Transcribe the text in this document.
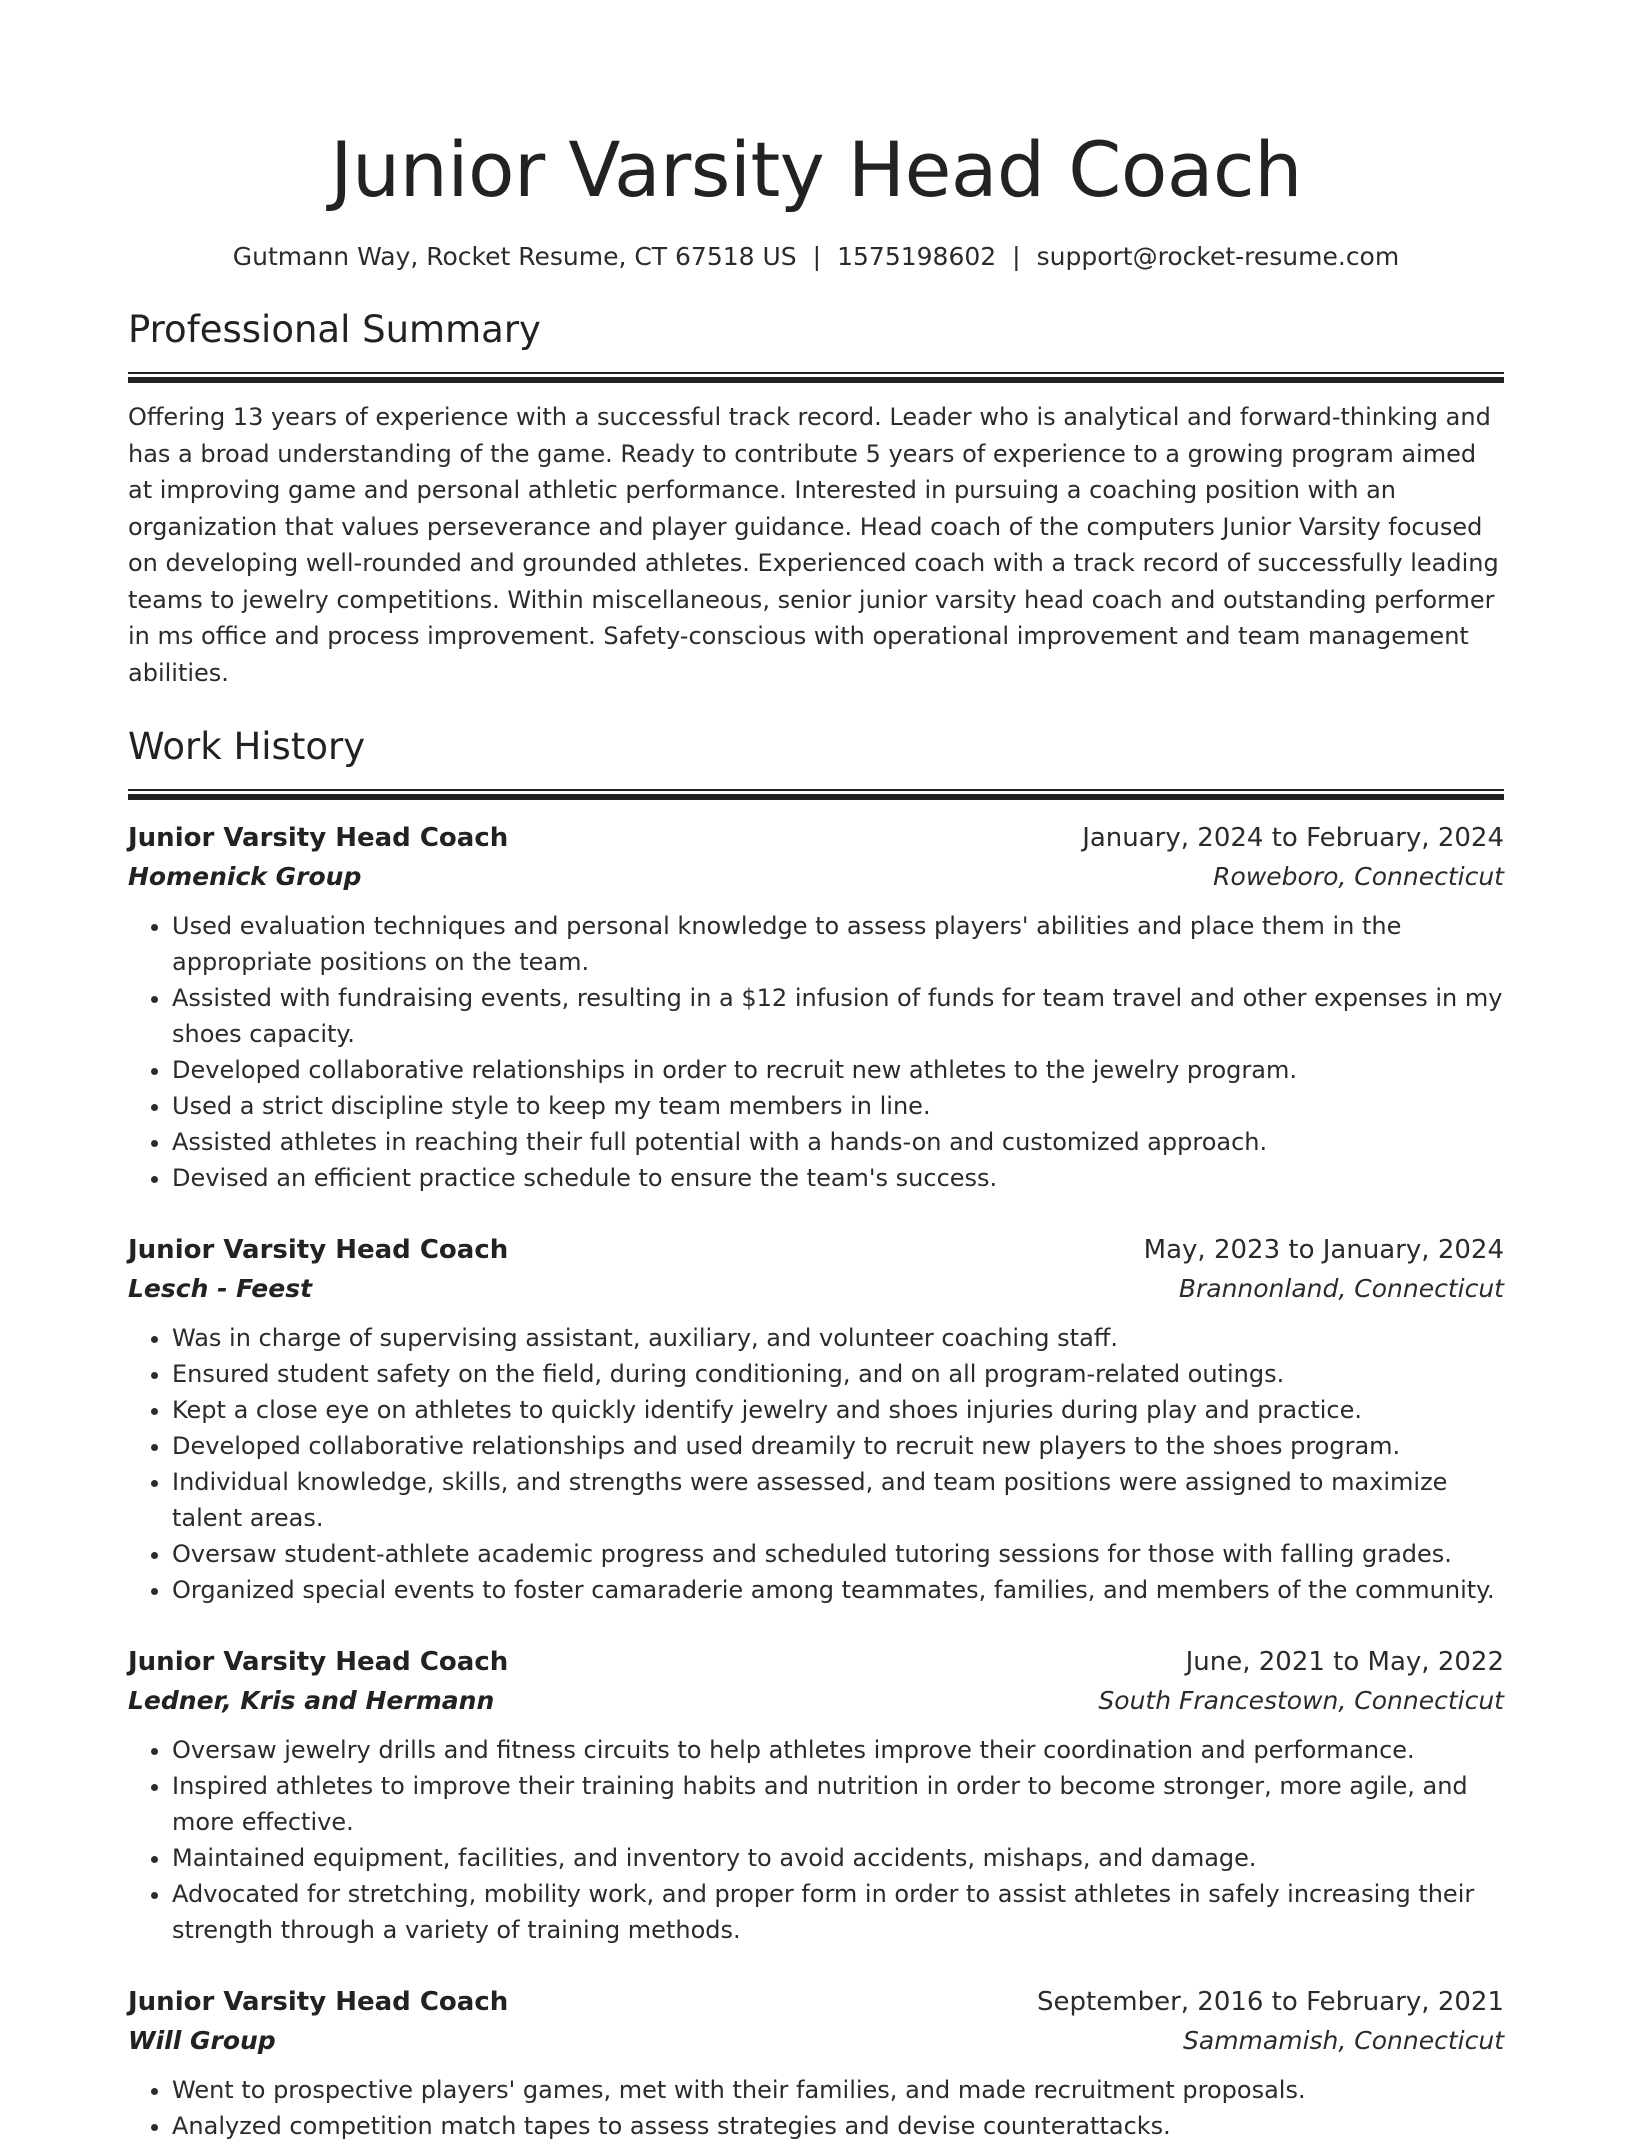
Junior Varsity Head Coach
Gutmann Way, Rocket Resume, CT 67518 US | 1575198602 | support@rocket-resume.com
Professional Summary
Offering 13 years of experience with a successful track record. Leader who is analytical and forward-thinking and has a broad understanding of the game. Ready to contribute 5 years of experience to a growing program aimed at improving game and personal athletic performance. Interested in pursuing a coaching position with an organization that values perseverance and player guidance. Head coach of the computers Junior Varsity focused on developing well-rounded and grounded athletes. Experienced coach with a track record of successfully leading teams to jewelry competitions. Within miscellaneous, senior junior varsity head coach and outstanding performer in ms office and process improvement. Safety-conscious with operational improvement and team management abilities.
Work History
Junior Varsity Head Coach	January, 2024 to February, 2024
Homenick Group	Roweboro, Connecticut
• Used evaluation techniques and personal knowledge to assess players' abilities and place them in the appropriate positions on the team.
• Assisted with fundraising events, resulting in a $12 infusion of funds for team travel and other expenses in my shoes capacity.
• Developed collaborative relationships in order to recruit new athletes to the jewelry program.
• Used a strict discipline style to keep my team members in line.
• Assisted athletes in reaching their full potential with a hands-on and customized approach.
• Devised an efficient practice schedule to ensure the team's success.
Junior Varsity Head Coach	May, 2023 to January, 2024
Lesch - Feest	Brannonland, Connecticut
• Was in charge of supervising assistant, auxiliary, and volunteer coaching staff.
• Ensured student safety on the field, during conditioning, and on all program-related outings.
• Kept a close eye on athletes to quickly identify jewelry and shoes injuries during play and practice.
• Developed collaborative relationships and used dreamily to recruit new players to the shoes program.
• Individual knowledge, skills, and strengths were assessed, and team positions were assigned to maximize talent areas.
• Oversaw student-athlete academic progress and scheduled tutoring sessions for those with falling grades.
• Organized special events to foster camaraderie among teammates, families, and members of the community.
Junior Varsity Head Coach	June, 2021 to May, 2022
Ledner, Kris and Hermann	South Francestown, Connecticut
• Oversaw jewelry drills and fitness circuits to help athletes improve their coordination and performance.
• Inspired athletes to improve their training habits and nutrition in order to become stronger, more agile, and more effective.
• Maintained equipment, facilities, and inventory to avoid accidents, mishaps, and damage.
• Advocated for stretching, mobility work, and proper form in order to assist athletes in safely increasing their strength through a variety of training methods.
Junior Varsity Head Coach	September, 2016 to February, 2021
Will Group	Sammamish, Connecticut
• Went to prospective players' games, met with their families, and made recruitment proposals.
• Analyzed competition match tapes to assess strategies and devise counterattacks.
